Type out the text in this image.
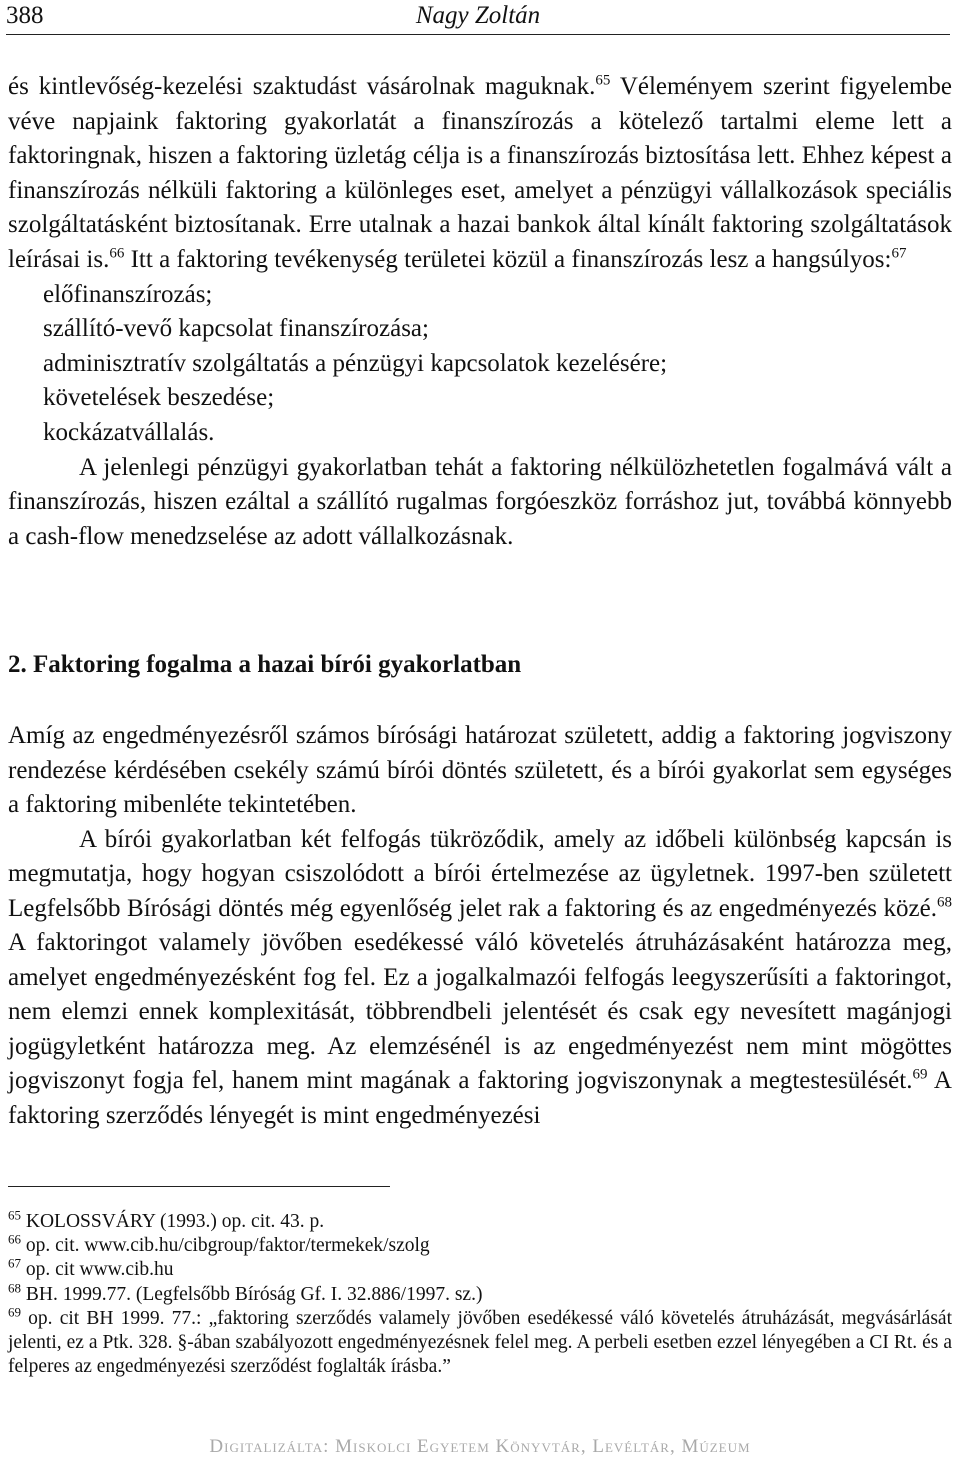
388	Nagy Zoltán

és kintlevőség-kezelési szaktudást vásárolnak maguknak.$^{65}$ Véleményem szerint figyelembe véve napjaink faktoring gyakorlatát a finanszírozás a kötelező tartalmi eleme lett a faktoringnak, hiszen a faktoring üzletág célja is a finanszírozás biztosítása lett. Ehhez képest a finanszírozás nélküli faktoring a különleges eset, amelyet a pénzügyi vállalkozások speciális szolgáltatásként biztosítanak. Erre utalnak a hazai bankok által kínált faktoring szolgáltatások leírásai is.$^{66}$ Itt a faktoring tevékenység területei közül a finanszírozás lesz a hangsúlyos:$^{67}$

előfinanszírozás;
szállító-vevő kapcsolat finanszírozása;
adminisztratív szolgáltatás a pénzügyi kapcsolatok kezelésére;
követelések beszedése;
kockázatvállalás.

A jelenlegi pénzügyi gyakorlatban tehát a faktoring nélkülözhetetlen fogalmává vált a finanszírozás, hiszen ezáltal a szállító rugalmas forgóeszköz forráshoz jut, továbbá könnyebb a cash-flow menedzselése az adott vállalkozásnak.

2. Faktoring fogalma a hazai bírói gyakorlatban

Amíg az engedményezésről számos bírósági határozat született, addig a faktoring jogviszony rendezése kérdésében csekély számú bírói döntés született, és a bírói gyakorlat sem egységes a faktoring mibenléte tekintetében.

A bírói gyakorlatban két felfogás tükröződik, amely az időbeli különbség kapcsán is megmutatja, hogy hogyan csiszolódott a bírói értelmezése az ügyletnek. 1997-ben született Legfelsőbb Bírósági döntés még egyenlőség jelet rak a faktoring és az engedményezés közé.$^{68}$ A faktoringot valamely jövőben esedékessé váló követelés átruházásaként határozza meg, amelyet engedményezésként fog fel. Ez a jogalkalmazói felfogás leegyszerűsíti a faktoringot, nem elemzi ennek komplexitását, többrendbeli jelentését és csak egy nevesített magánjogi jogügyletként határozza meg. Az elemzésénél is az engedményezést nem mint mögöttes jogviszonyt fogja fel, hanem mint magának a faktoring jogviszonynak a megtestesülését.$^{69}$ A faktoring szerződés lényegét is mint engedményezési

$^{65}$ KOLOSSVÁRY (1993.) op. cit. 43. p.
$^{66}$ op. cit. www.cib.hu/cibgroup/faktor/termekek/szolg
$^{67}$ op. cit www.cib.hu
$^{68}$ BH. 1999.77. (Legfelsőbb Bíróság Gf. I. 32.886/1997. sz.)
$^{69}$ op. cit BH 1999. 77.: „faktoring szerződés valamely jövőben esedékessé váló követelés átruházását, megvásárlását jelenti, ez a Ptk. 328. §-ában szabályozott engedményezésnek felel meg. A perbeli esetben ezzel lényegében a CI Rt. és a felperes az engedményezési szerződést foglalták írásba.”
Digitalizálta: Miskolci Egyetem Könyvtár, Levéltár, Múzeum
